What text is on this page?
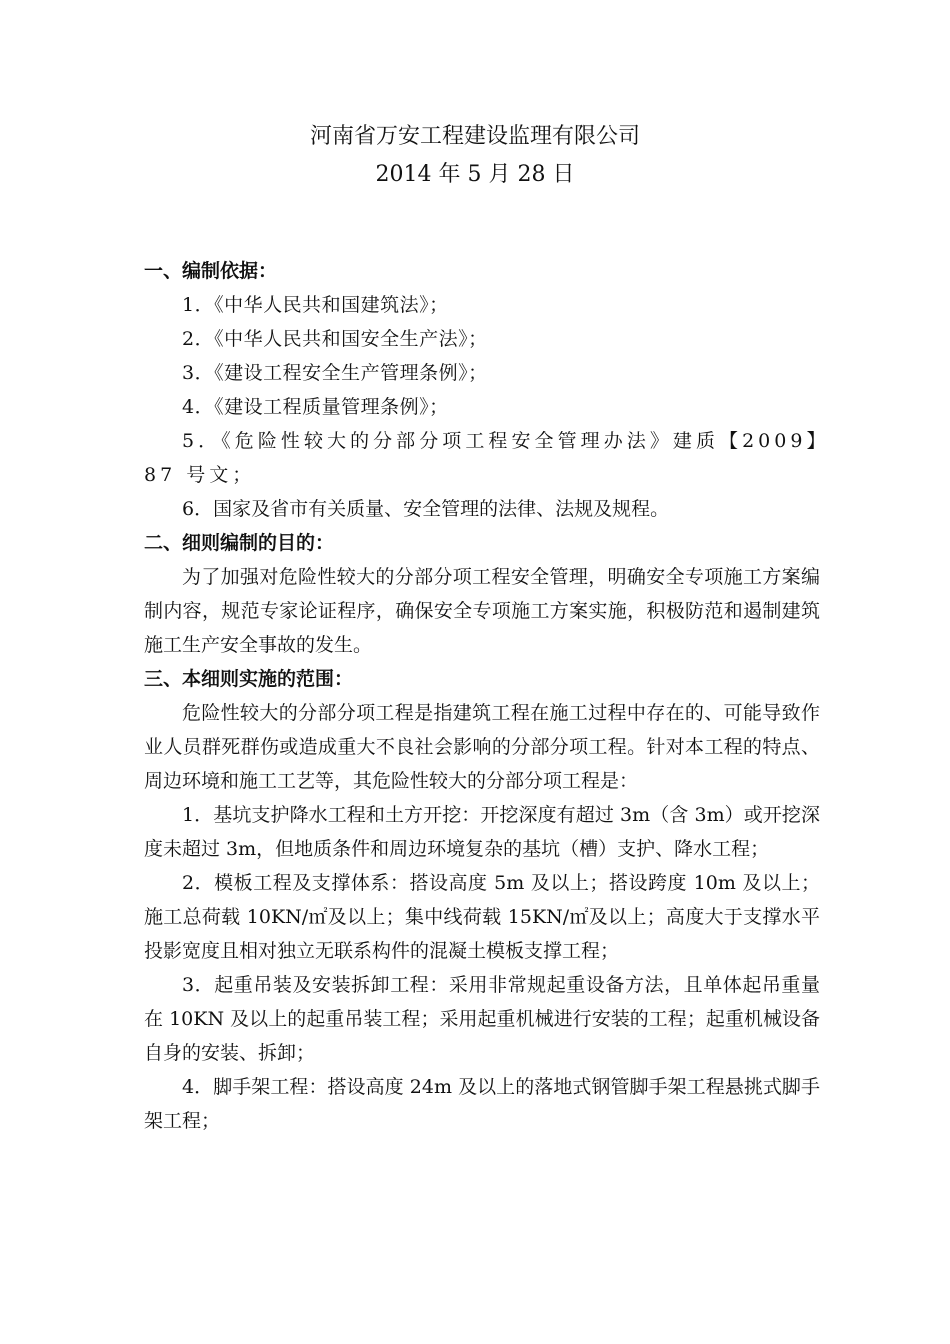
河南省万安工程建设监理有限公司
2014 年 5 月 28 日

一、编制依据：

1．《中华人民共和国建筑法》；

2．《中华人民共和国安全生产法》；

3．《建设工程安全生产管理条例》；

4．《建设工程质量管理条例》；

5．《危险性较大的分部分项工程安全管理办法》建质【2009】87 号文；

6．国家及省市有关质量、安全管理的法律、法规及规程。

二、细则编制的目的：

为了加强对危险性较大的分部分项工程安全管理，明确安全专项施工方案编制内容，规范专家论证程序，确保安全专项施工方案实施，积极防范和遏制建筑施工生产安全事故的发生。

三、本细则实施的范围：

危险性较大的分部分项工程是指建筑工程在施工过程中存在的、可能导致作业人员群死群伤或造成重大不良社会影响的分部分项工程。针对本工程的特点、周边环境和施工工艺等，其危险性较大的分部分项工程是：

1．基坑支护降水工程和土方开挖：开挖深度有超过 3m（含 3m）或开挖深度未超过 3m，但地质条件和周边环境复杂的基坑（槽）支护、降水工程；

2．模板工程及支撑体系：搭设高度 5m 及以上；搭设跨度 10m 及以上；施工总荷载 10KN/㎡及以上；集中线荷载 15KN/㎡及以上；高度大于支撑水平投影宽度且相对独立无联系构件的混凝土模板支撑工程；

3．起重吊装及安装拆卸工程：采用非常规起重设备方法，且单体起吊重量在 10KN 及以上的起重吊装工程；采用起重机械进行安装的工程；起重机械设备自身的安装、拆卸；

4．脚手架工程：搭设高度 24m 及以上的落地式钢管脚手架工程悬挑式脚手架工程；
